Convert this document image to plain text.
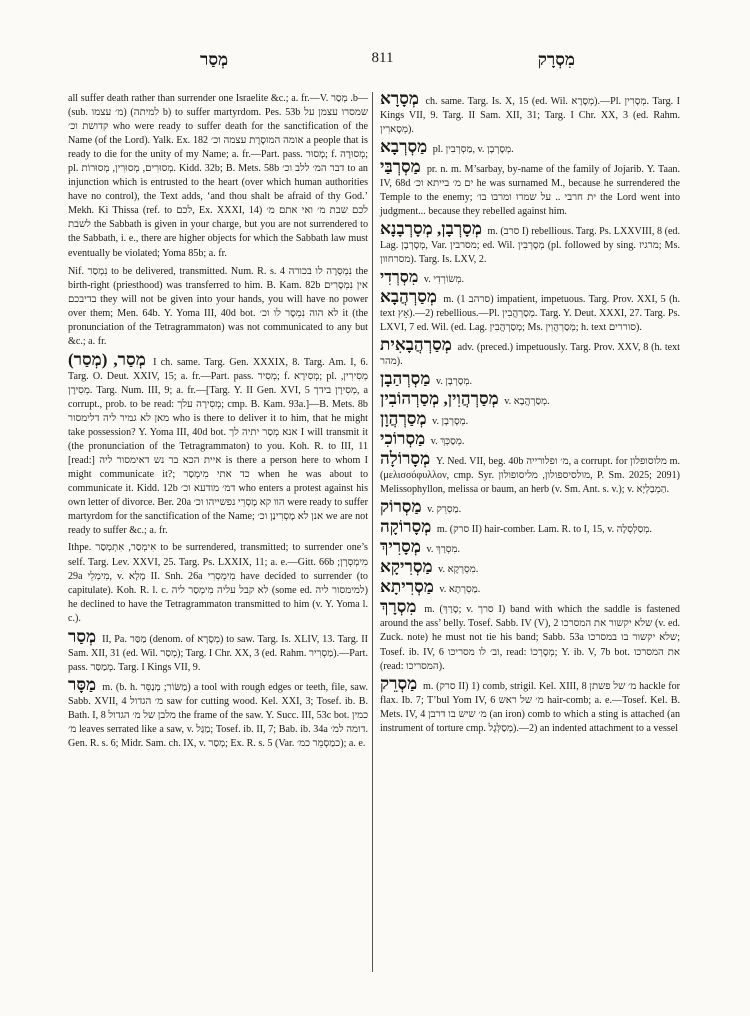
מְסַר	811	מִסְרָק

all suffer death rather than surrender one Israelite &c.; a. fr.—V. מְסַר .b—(sub. מ׳ עצמו) (למיתה b) to suffer martyrdom. Pes. 53b שמסרו עצמן על קדושת וכ׳ who were ready to suffer death for the sanctification of the Name (of the Lord). Yalk. Ex. 182 אומה המוסֶרֶת עצמה וכ׳ a people that is ready to die for the unity of my Name; a. fr.—Part. pass. מָסוּר; f. מְסוּרָה; pl. מְסוּרִים, מְסוּרִין, מְסוּרוֹת. Kidd. 32b; B. Mets. 58b דבר המ׳ ללב וכ׳ to an injunction which is entrusted to the heart (over which human authorities have no control), the Text adds, ‘and thou shalt be afraid of thy God.’ Mekh. Ki Thissa (ref. to לכם, Ex. XXXI, 14) לכם שבת מ׳ ואי אתם מ׳ לשבת the Sabbath is given in your charge, but you are not surrendered to the Sabbath, i. e., there are higher objects for which the Sabbath law must eventually be violated; Yoma 85b; a. fr.

Nif. נִמְסַר to be delivered, transmitted. Num. R. s. 4 נִמְסְרָה לו בכורה the birth-right (priesthood) was transferred to him. B. Kam. 82b אין נִמְסָרִים בדיבכם they will not be given into your hands, you will have no power over them; Men. 64b. Y. Yoma III, 40d bot. לא הוה נִמְסָר לו וכ׳ it (the pronunciation of the Tetragrammaton) was not communicated to any but &c.; a. fr.

מְסַר, (מְסַר) I ch. same. Targ. Gen. XXXIX, 8. Targ. Am. I, 6. Targ. O. Deut. XXIV, 15; a. fr.—Part. pass. מְסִיר; f. מְסִירָא; pl. מְסִירִין, מְסִירָן. Targ. Num. III, 9; a. fr.—[Targ. Y. II Gen. XVI, 5 מְסִירָן בידך, a corrupt., prob. to be read: מְסִירָה עלך; cmp. B. Kam. 93a.]—B. Mets. 8b מאן לא גמיר ליה דלימסור who is there to deliver it to him, that he might take possession? Y. Yoma III, 40d bot. אנא מְסַר יתיה לך I will transmit it (the pronunciation of the Tetragrammaton) to you. Koh. R. to III, 11 [read:] איית הכא בר נש דאימסור ליה is there a person here to whom I might communicate it?; כד אתי מִימְסַר when he was about to communicate it. Kidd. 12b דמ׳ מודעא וכ׳ who enters a protest against his own letter of divorce. Ber. 20a הוו קא מָסְרֵי נפשייהו וכ׳ were ready to suffer martyrdom for the sanctification of the Name; אנן לא מָסְרִינַן וכ׳ we are not ready to suffer &c.; a. fr.

Ithpe. אִימְסַר, אִתְמְסַר to be surrendered, transmitted; to surrender one’s self. Targ. Lev. XXVI, 25. Targ. Ps. LXXIX, 11; a. e.—Gitt. 66b מִימְסְרָן; 29a מִימְלֵי, v. מְלָא II. Snh. 26a מִימְסְרִי have decided to surrender (to capitulate). Koh. R. l. c. לא קבל עליה מִימְסַר ליה (some ed. למימסור ליה) he declined to have the Tetragrammaton transmitted to him (v. Y. Yoma l. c.).

מְסַר II, Pa. מַסַּר (denom. of מְסָרָא) to saw. Targ. Is. XLIV, 13. Targ. II Sam. XII, 31 (ed. Wil. מְסַר); Targ. I Chr. XX, 3 (ed. Rahm. מַסְרִיר).—Part. pass. מְמַסַּר. Targ. I Kings VII, 9.

מַסָּר m. (b. h. מַשּׂוֹר; מְנַסֵּר) a tool with rough edges or teeth, file, saw. Sabb. XVII, 4 מ׳ הגדול saw for cutting wood. Kel. XXI, 3; Tosef. ib. B. Bath. I, 8 מלבן של מ׳ הגדול the frame of the saw. Y. Succ. III, 53c bot. כמין מ׳ leaves serrated like a saw, v. מַגַּל; Tosef. ib. II, 7; Bab. ib. 34a דומה למ׳. Gen. R. s. 6; Midr. Sam. ch. IX, v. מְסַר; Ex. R. s. 5 (Var. כמַסְמֵר כמ׳); a. e.

מְסָרָא ch. same. Targ. Is. X, 15 (ed. Wil. מְסָרָא).—Pl. מְסָרִין. Targ. I Kings VII, 9. Targ. II Sam. XII, 31; Targ. I Chr. XX, 3 (ed. Rahm. מְסָארִין).

מַסְרְבָא pl. מַסְרְבִין, v. מְסָרְבָן.

מַסְרְבַּי pr. n. m. M’sarbay, by-name of the family of Jojarib. Y. Taan. IV, 68d ים מ׳ בייתא וכ׳ he was surnamed M., because he surrendered the Temple to the enemy; ית חרבי .. על שמרו ומרבו בו׳ the Lord went into judgment... because they rebelled against him.

מְסָרְבָן, מְסָרְבָנָא m. (סרב I) rebellious. Targ. Ps. LXXVIII, 8 (ed. Lag. מְסָרְבָן, Var. מסרבין; ed. Wil. מְסָרְבִין (pl. followed by sing. מרגיז; Ms. מסרחוון). Targ. Is. LXV, 2.

מִסְרְדִי v. מְשׂוֹרְדִי.

מְסַרְהֲבָא m. (סרהב 1) impatient, impetuous. Targ. Prov. XXI, 5 (h. text אָץ).—2) rebellious.—Pl. מְסַרְהֲבִין. Targ. Y. Deut. XXXI, 27. Targ. Ps. LXVI, 7 ed. Wil. (ed. Lag. מְסַרְהֲבִין; Ms. מְסַרְהֲוִין; h. text סוררים).

מְסַרְהֲבָאִית adv. (preced.) impetuously. Targ. Prov. XXV, 8 (h. text מהר).

מַסְרְהַבָן v. מְסָרְבָן.

מְסַרְהֲוִין, מְסַרְהוֹבִין v. מְסַרְהֲבָא.

מְסַרְהֲוָן v. מְסָרְבָן.

מַסְרוֹכִי v. מְסַכְּךְ.

מְסָרוֹלָה Y. Ned. VII, beg. 40b מ׳ ופלורייה, a corrupt. for מלוסופלון m. (μελισσόφυλλον, cmp. Syr. מולסיספולון, מליסופולון, P. Sm. 2025; 2091) Melissophyllon, melissa or baum, an herb (v. Sm. Ant. s. v.); v. הַמְבַלְיָא.

מַסְרוֹק v. מַסְרֵק.

מְסָרוֹקָה m. (סרק II) hair-comber. Lam. R. to I, 15, v. מְסַלְסְלָה.

מְסָרִיךְ v. מִסְרַךְ.

מַסְרִיקָא v. מִסְרְקָא.

מַסְרִיתָא v. מַסְרְתָא.

מִסְרָךְ m. (סָרַךְ; v. סרך I) band with which the saddle is fastened around the ass’ belly. Tosef. Sabb. IV (V), 2 שלא יקשור את המסרכו (v. ed. Zuck. note) he must not tie his band; Sabb. 53a שלא יקשור בו במסרכו; Tosef. ib. IV, 6 וב׳ לו מסריכו, read: מְסָרְכוֹ; Y. ib. V, 7b bot. את המסרכו (read: המסריכו).

מַסְרֵק m. (סרק II) 1) comb, strigil. Kel. XIII, 8 מ׳ של פשתן hackle for flax. Ib. 7; T’bul Yom IV, 6 מ׳ של ראש hair-comb; a. e.—Tosef. Kel. B. Mets. IV, 4 מ׳ שיש בו דרבן (an iron) comb to which a sting is attached (an instrument of torture cmp. מְסַלְּגָל).—2) an indented attachment to a vessel
